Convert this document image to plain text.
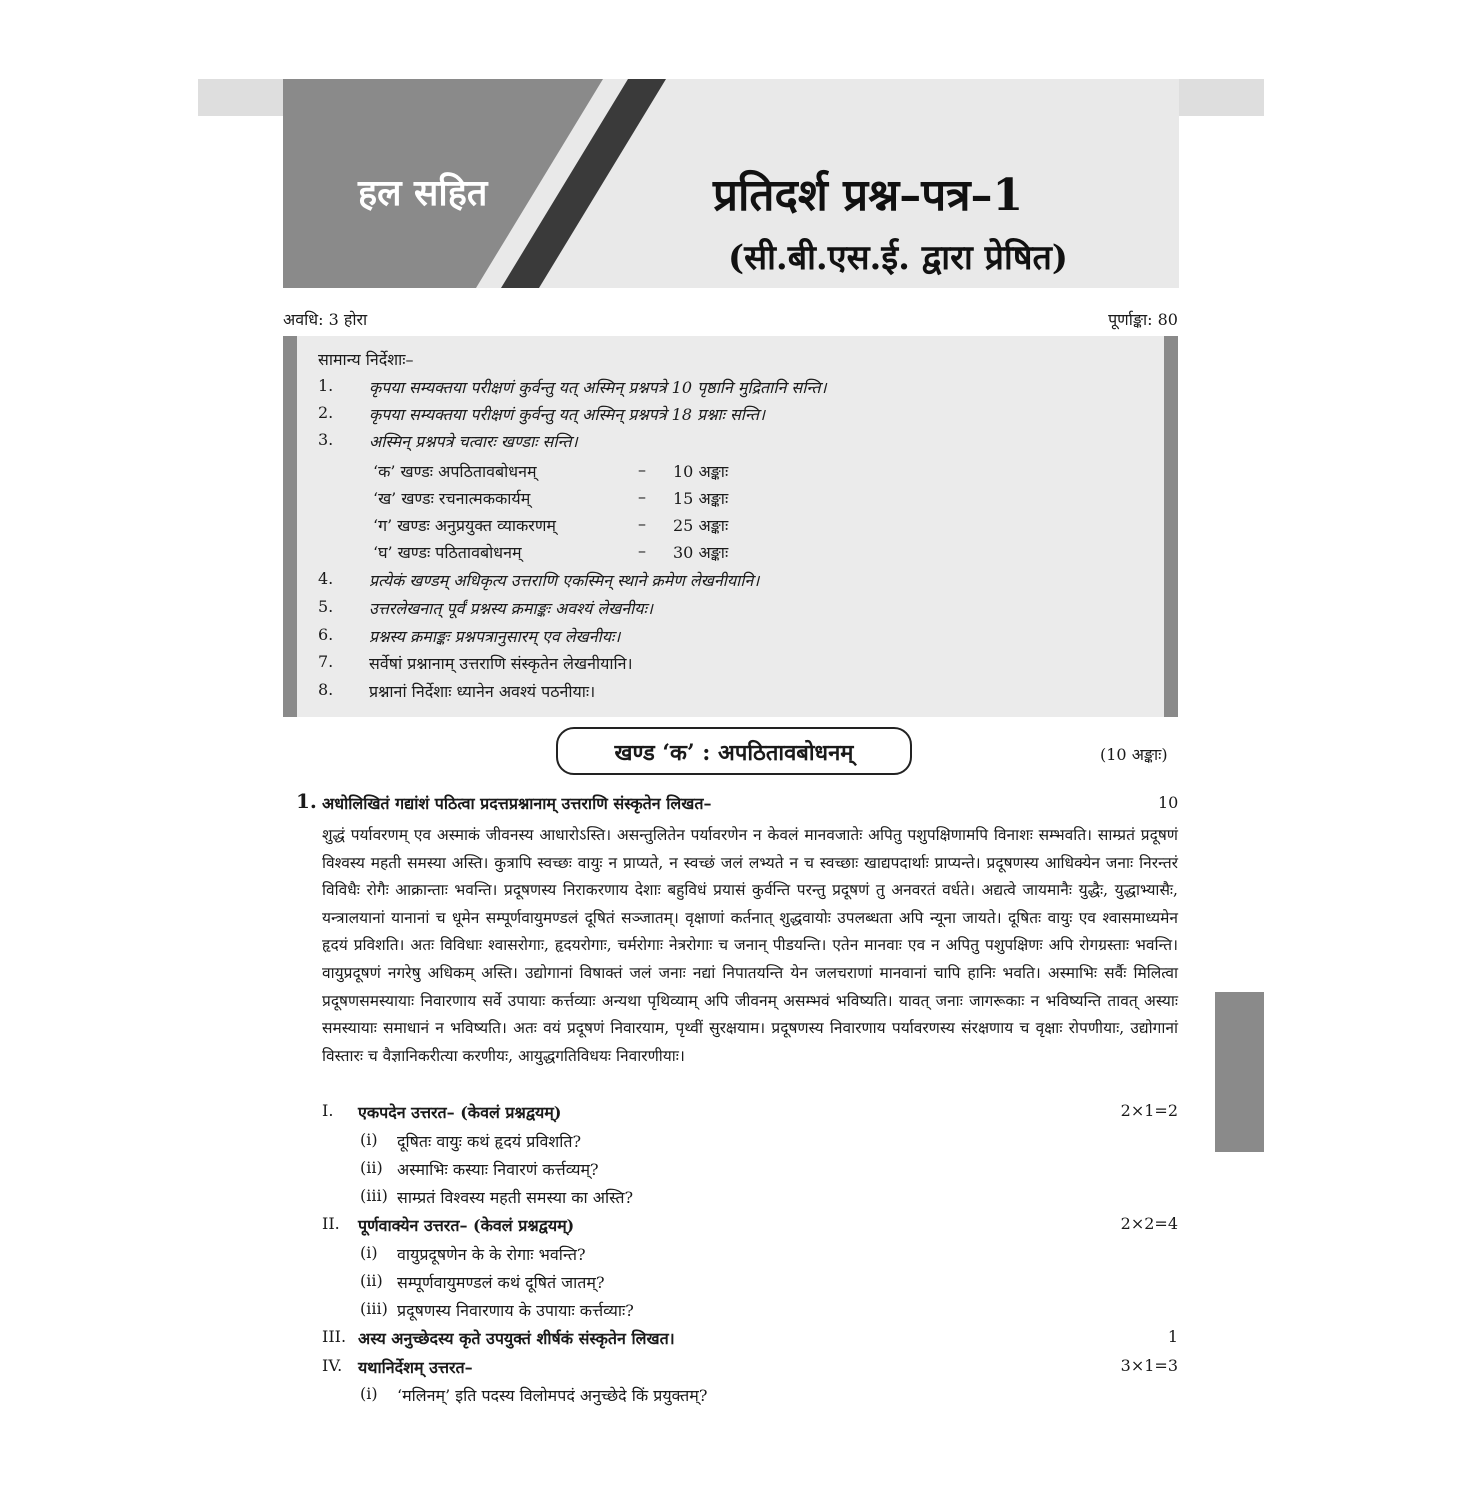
हल सहित	प्रतिदर्श प्रश्न–पत्र–1
(सी.बी.एस.ई. द्वारा प्रेषित)
अवधि: 3 होरा	पूर्णाङ्का: 80
सामान्य निर्देशाः–
1. कृपया सम्यक्तया परीक्षणं कुर्वन्तु यत् अस्मिन् प्रश्नपत्रे 10 पृष्ठानि मुद्रितानि सन्ति।
2. कृपया सम्यक्तया परीक्षणं कुर्वन्तु यत् अस्मिन् प्रश्नपत्रे 18 प्रश्नाः सन्ति।
3. अस्मिन् प्रश्नपत्रे चत्वारः खण्डाः सन्ति।
‘क’ खण्डः अपठितावबोधनम्	– 10 अङ्काः
‘ख’ खण्डः रचनात्मककार्यम्	– 15 अङ्काः
‘ग’ खण्डः अनुप्रयुक्त व्याकरणम्	– 25 अङ्काः
‘घ’ खण्डः पठितावबोधनम्	– 30 अङ्काः
4. प्रत्येकं खण्डम् अधिकृत्य उत्तराणि एकस्मिन् स्थाने क्रमेण लेखनीयानि।
5. उत्तरलेखनात् पूर्वं प्रश्नस्य क्रमाङ्कः अवश्यं लेखनीयः।
6. प्रश्नस्य क्रमाङ्कः प्रश्नपत्रानुसारम् एव लेखनीयः।
7. सर्वेषां प्रश्नानाम् उत्तराणि संस्कृतेन लेखनीयानि।
8. प्रश्नानां निर्देशाः ध्यानेन अवश्यं पठनीयाः।
खण्ड ‘क’ : अपठितावबोधनम्	(10 अङ्काः)
1. अधोलिखितं गद्यांशं पठित्वा प्रदत्तप्रश्नानाम् उत्तराणि संस्कृतेन लिखत–	10

शुद्धं पर्यावरणम् एव अस्माकं जीवनस्य आधारोऽस्ति। असन्तुलितेन पर्यावरणेन न केवलं मानवजातेः अपितु पशुपक्षिणामपि विनाशः सम्भवति। साम्प्रतं प्रदूषणं विश्वस्य महती समस्या अस्ति। कुत्रापि स्वच्छः वायुः न प्राप्यते, न स्वच्छं जलं लभ्यते न च स्वच्छाः खाद्यपदार्थाः प्राप्यन्ते। प्रदूषणस्य आधिक्येन जनाः निरन्तरं विविधैः रोगैः आक्रान्ताः भवन्ति। प्रदूषणस्य निराकरणाय देशाः बहुविधं प्रयासं कुर्वन्ति परन्तु प्रदूषणं तु अनवरतं वर्धते। अद्यत्वे जायमानैः युद्धैः, युद्धाभ्यासैः, यन्त्रालयानां यानानां च धूमेन सम्पूर्णवायुमण्डलं दूषितं सञ्जातम्। वृक्षाणां कर्तनात् शुद्धवायोः उपलब्धता अपि न्यूना जायते। दूषितः वायुः एव श्वासमाध्यमेन हृदयं प्रविशति। अतः विविधाः श्वासरोगाः, हृदयरोगाः, चर्मरोगाः नेत्ररोगाः च जनान् पीडयन्ति। एतेन मानवाः एव न अपितु पशुपक्षिणः अपि रोगग्रस्ताः भवन्ति। वायुप्रदूषणं नगरेषु अधिकम् अस्ति। उद्योगानां विषाक्तं जलं जनाः नद्यां निपातयन्ति येन जलचराणां मानवानां चापि हानिः भवति। अस्माभिः सर्वैः मिलित्वा प्रदूषणसमस्यायाः निवारणाय सर्वे उपायाः कर्त्तव्याः अन्यथा पृथिव्याम् अपि जीवनम् असम्भवं भविष्यति। यावत् जनाः जागरूकाः न भविष्यन्ति तावत् अस्याः समस्यायाः समाधानं न भविष्यति। अतः वयं प्रदूषणं निवारयाम, पृथ्वीं सुरक्षयाम। प्रदूषणस्य निवारणाय पर्यावरणस्य संरक्षणाय च वृक्षाः रोपणीयाः, उद्योगानां विस्तारः च वैज्ञानिकरीत्या करणीयः, आयुद्धगतिविधयः निवारणीयाः।

I. एकपदेन उत्तरत– (केवलं प्रश्नद्वयम्)	2×1=2
(i) दूषितः वायुः कथं हृदयं प्रविशति?
(ii) अस्माभिः कस्याः निवारणं कर्त्तव्यम्?
(iii) साम्प्रतं विश्वस्य महती समस्या का अस्ति?
II. पूर्णवाक्येन उत्तरत– (केवलं प्रश्नद्वयम्)	2×2=4
(i) वायुप्रदूषणेन के के रोगाः भवन्ति?
(ii) सम्पूर्णवायुमण्डलं कथं दूषितं जातम्?
(iii) प्रदूषणस्य निवारणाय के उपायाः कर्त्तव्याः?
III. अस्य अनुच्छेदस्य कृते उपयुक्तं शीर्षकं संस्कृतेन लिखत।	1
IV. यथानिर्देशम् उत्तरत–	3×1=3
(i) ‘मलिनम्’ इति पदस्य विलोमपदं अनुच्छेदे किं प्रयुक्तम्?
